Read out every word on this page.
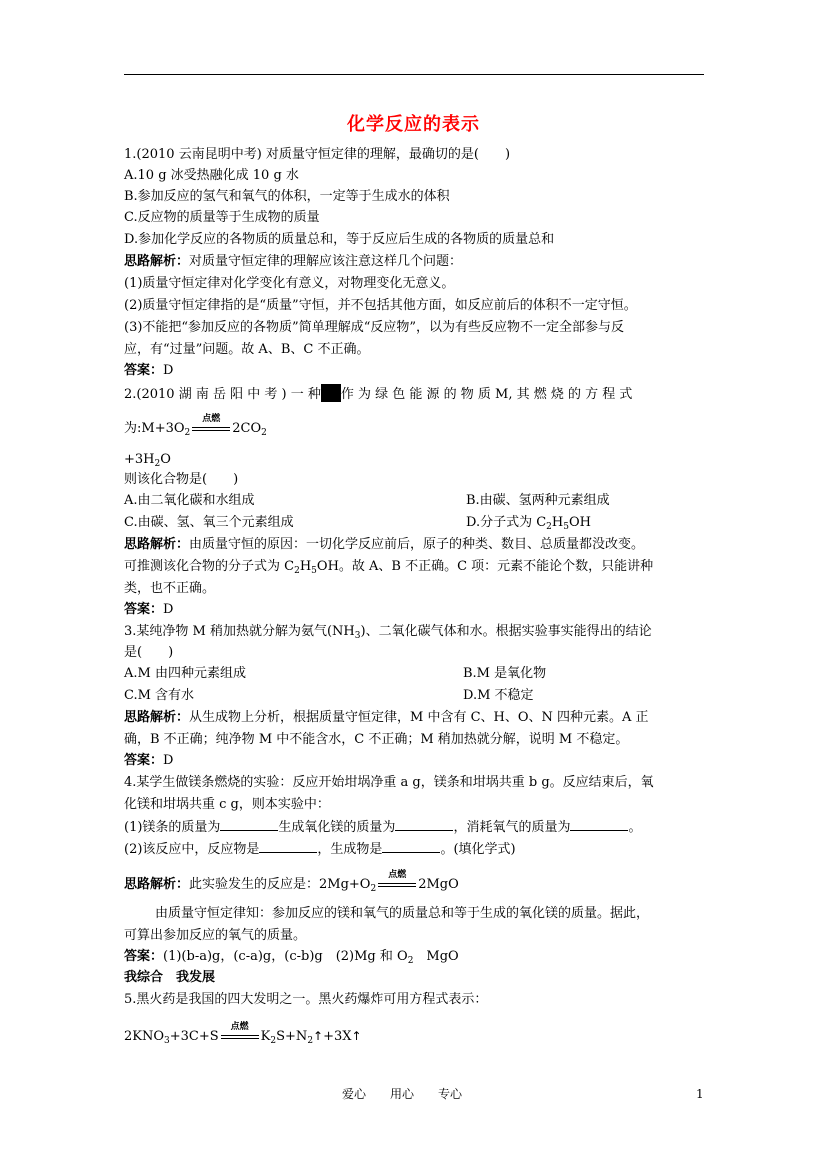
化学反应的表示
1.(2010 云南昆明中考) 对质量守恒定律的理解，最确切的是(　　)
A.10 g 冰受热融化成 10 g 水
B.参加反应的氢气和氧气的体积，一定等于生成水的体积
C.反应物的质量等于生成物的质量
D.参加化学反应的各物质的质量总和，等于反应后生成的各物质的质量总和
思路解析：对质量守恒定律的理解应该注意这样几个问题：
(1)质量守恒定律对化学变化有意义，对物理变化无意义。
(2)质量守恒定律指的是“质量”守恒，并不包括其他方面，如反应前后的体积不一定守恒。
(3)不能把“参加反应的各物质”简单理解成“反应物”，以为有些反应物不一定全部参与反
应，有“过量”问题。故 A、B、C 不正确。
答案：D
2.(2010 湖 南 岳 阳 中 考 ) 一 种 作 为 绿 色 能 源 的 物 质 M, 其 燃 烧 的 方 程 式
为$:M+3O_2$
点燃
$2CO_2$
$+3H_2O$
则该化合物是(　　)
A.由二氧化碳和水组成	B.由碳、氢两种元素组成
C.由碳、氢、氧三个元素组成	D.分子式为 $C_2H_5OH$
思路解析：由质量守恒的原因：一切化学反应前后，原子的种类、数目、总质量都没改变。
可推测该化合物的分子式为 $C_2H_5OH$。故 A、B 不正确。C 项：元素不能论个数，只能讲种
类，也不正确。
答案：D
3.某纯净物 M 稍加热就分解为氨气$(NH_3)$、二氧化碳气体和水。根据实验事实能得出的结论
是(　　)
A.M 由四种元素组成	B.M 是氧化物
C.M 含有水	D.M 不稳定
思路解析：从生成物上分析，根据质量守恒定律，M 中含有 C、H、O、N 四种元素。A 正
确，B 不正确；纯净物 M 中不能含水，C 不正确；M 稍加热就分解，说明 M 不稳定。
答案：D
4.某学生做镁条燃烧的实验：反应开始坩埚净重 a g，镁条和坩埚共重 b g。反应结束后，氧
化镁和坩埚共重 c g，则本实验中：
(1)镁条的质量为	生成氧化镁的质量为	，消耗氧气的质量为	。
(2)该反应中，反应物是	，生成物是	。(填化学式)
思路解析：此实验发生的反应是：$2Mg+O_2$
点燃
2MgO
由质量守恒定律知：参加反应的镁和氧气的质量总和等于生成的氧化镁的质量。据此，
可算出参加反应的氧气的质量。
答案：(1)(b-a)g，(c-a)g，(c-b)g　(2)Mg 和 $O_2$　MgO
我综合　我发展
5.黑火药是我国的四大发明之一。黑火药爆炸可用方程式表示：
$2KNO_3+3C+S$
点燃
$K_2S+N_2↑+3X↑$
爱心　　用心　　专心	1
